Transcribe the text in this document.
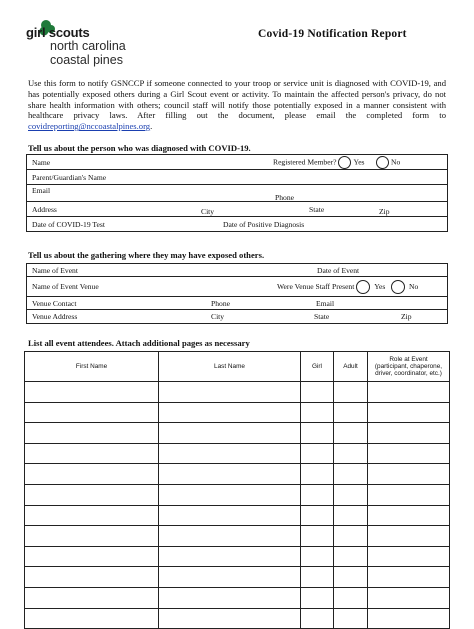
girl scouts
north carolina
coastal pines
Covid-19 Notification Report
Use this form to notify GSNCCP if someone connected to your troop or service unit is diagnosed with COVID-19, and has potentially exposed others during a Girl Scout event or activity. To maintain the affected person's privacy, do not share health information with others; council staff will notify those potentially exposed in a manner consistent with healthcare privacy laws. After filling out the document, please email the completed form to covidreporting@nccoastalpines.org.
Tell us about the person who was diagnosed with COVID-19.
Name	Registered Member? Yes	No

Parent/Guardian's Name

Email
Phone

Address	City	State	Zip

Date of COVID-19 Test	Date of Positive Diagnosis
Tell us about the gathering where they may have exposed others.
Name of Event	Date of Event

Name of Event Venue	Were Venue Staff Present	Yes	No

Venue Contact	Phone	Email

Venue Address	City	State	Zip
List all event attendees. Attach additional pages as necessary
First Name	Last Name	Girl	Adult	Role at Event
(participant, chaperone,
driver, coordinator, etc.)
